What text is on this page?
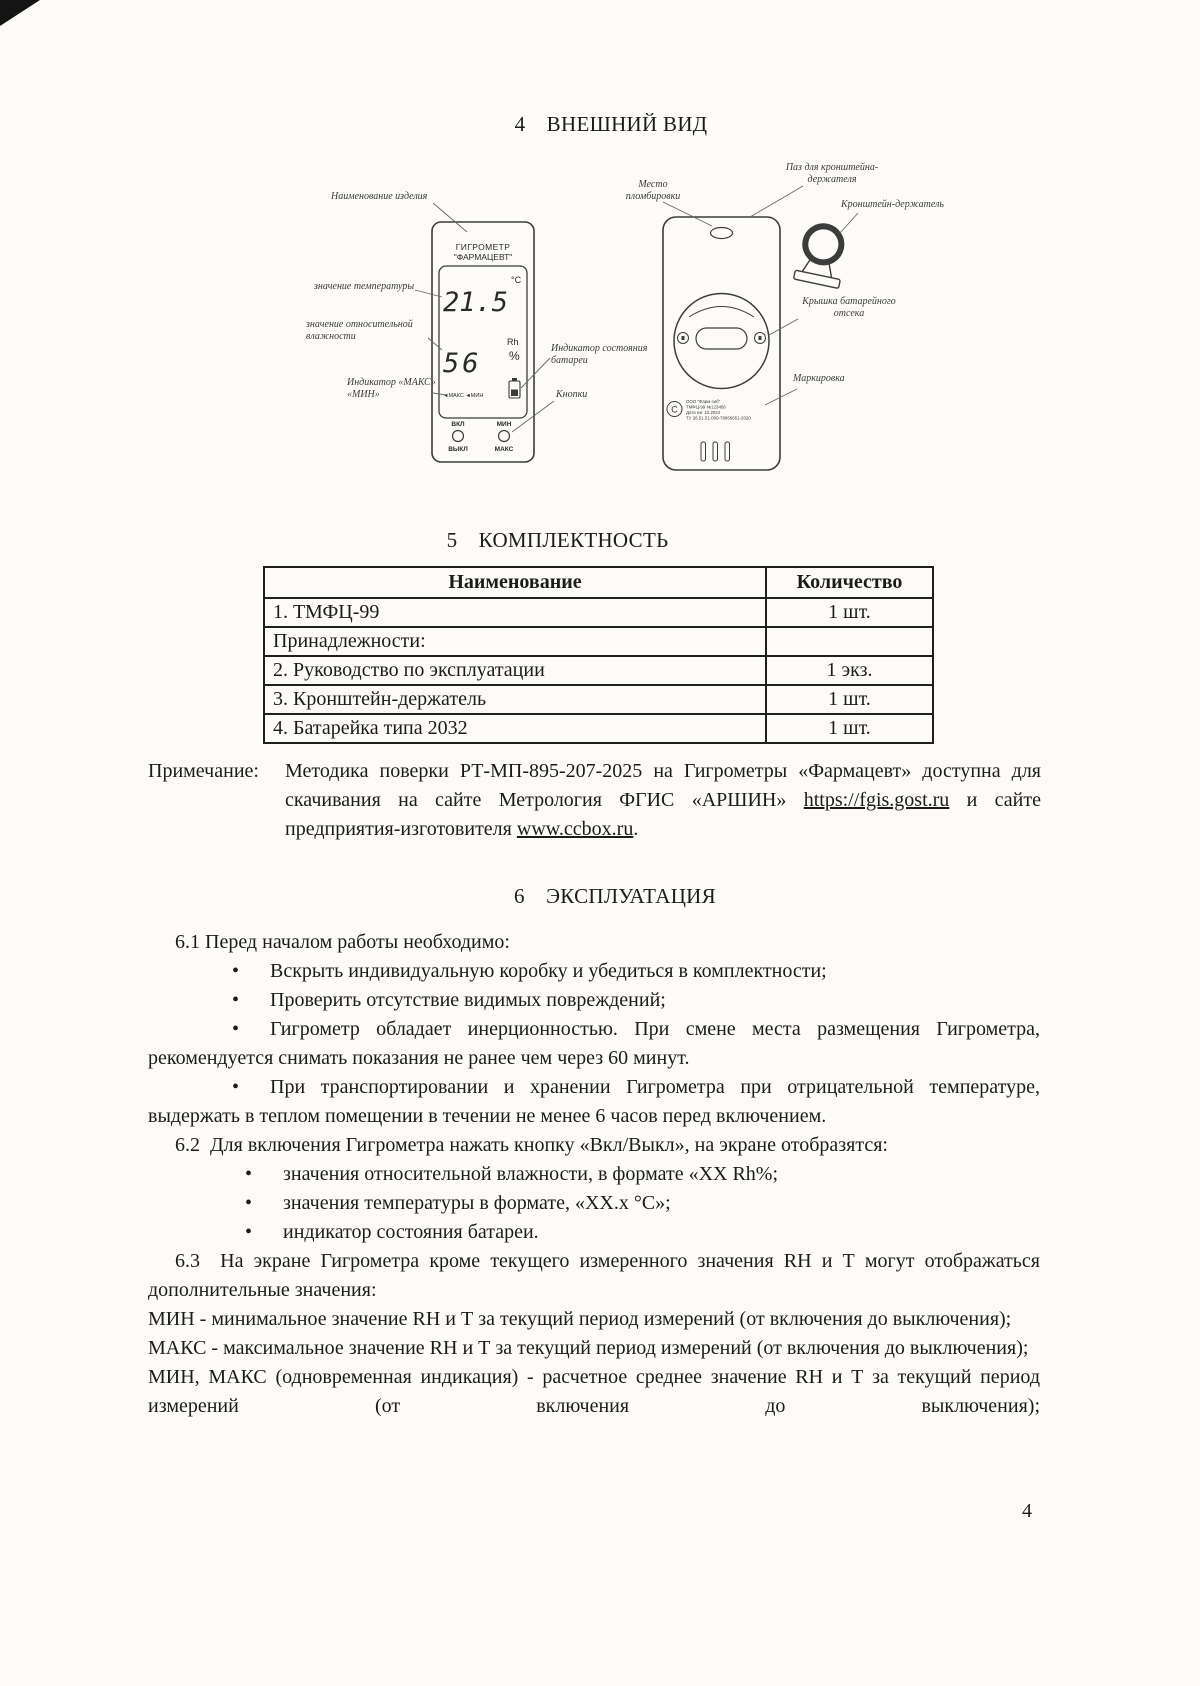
4 ВНЕШНИЙ ВИД
ГИГРОМЕТР
"ФАРМАЦЕВТ"
21.5
°C
56
Rh
%
◄МАКС ◄МИН
ВКЛ
ВЫКЛ
МИН
МАКС
C
ООО "Фарм сиб"
ТМФЦ-99 №123456
Дата изг 10.2024
ТУ 26.51.51-009-78066651-2020
Наименование изделия
значение температуры
значение относительной влажности
Индикатор «МАКС» «МИН»
Индикатор состояния батареи
Кнопки
Место пломбировки
Паз для кронштейна-держателя
Кронштейн-держатель
Крышка батарейного отсека
Маркировка
5 КОМПЛЕКТНОСТЬ
Наименование	Количество
1. ТМФЦ-99	1 шт.
Принадлежности:	
2. Руководство по эксплуатации	1 экз.
3. Кронштейн-держатель	1 шт.
4. Батарейка типа 2032	1 шт.
Примечание: Методика поверки РТ-МП-895-207-2025 на Гигрометры «Фармацевт» доступна для скачивания на сайте Метрология ФГИС «АРШИН» https://fgis.gost.ru и сайте предприятия-изготовителя www.ccbox.ru.
6 ЭКСПЛУАТАЦИЯ

6.1 Перед началом работы необходимо:

• Вскрыть индивидуальную коробку и убедиться в комплектности;

• Проверить отсутствие видимых повреждений;

• Гигрометр обладает инерционностью. При смене места размещения Гигрометра, рекомендуется снимать показания не ранее чем через 60 минут.

• При транспортировании и хранении Гигрометра при отрицательной температуре, выдержать в теплом помещении в течении не менее 6 часов перед включением.

6.2 Для включения Гигрометра нажать кнопку «Вкл/Выкл», на экране отобразятся:

• значения относительной влажности, в формате «XX Rh%;

• значения температуры в формате, «XX.x °C»;

• индикатор состояния батареи.

6.3  На экране Гигрометра кроме текущего измеренного значения RH и Т могут отображаться дополнительные значения:

МИН - минимальное значение RH и Т за текущий период измерений (от включения до выключения);

МАКС - максимальное значение RH и Т за текущий период измерений (от включения до выключения);

МИН, МАКС (одновременная индикация) - расчетное среднее значение RH и Т за текущий период измерений (от включения до выключения);

4
